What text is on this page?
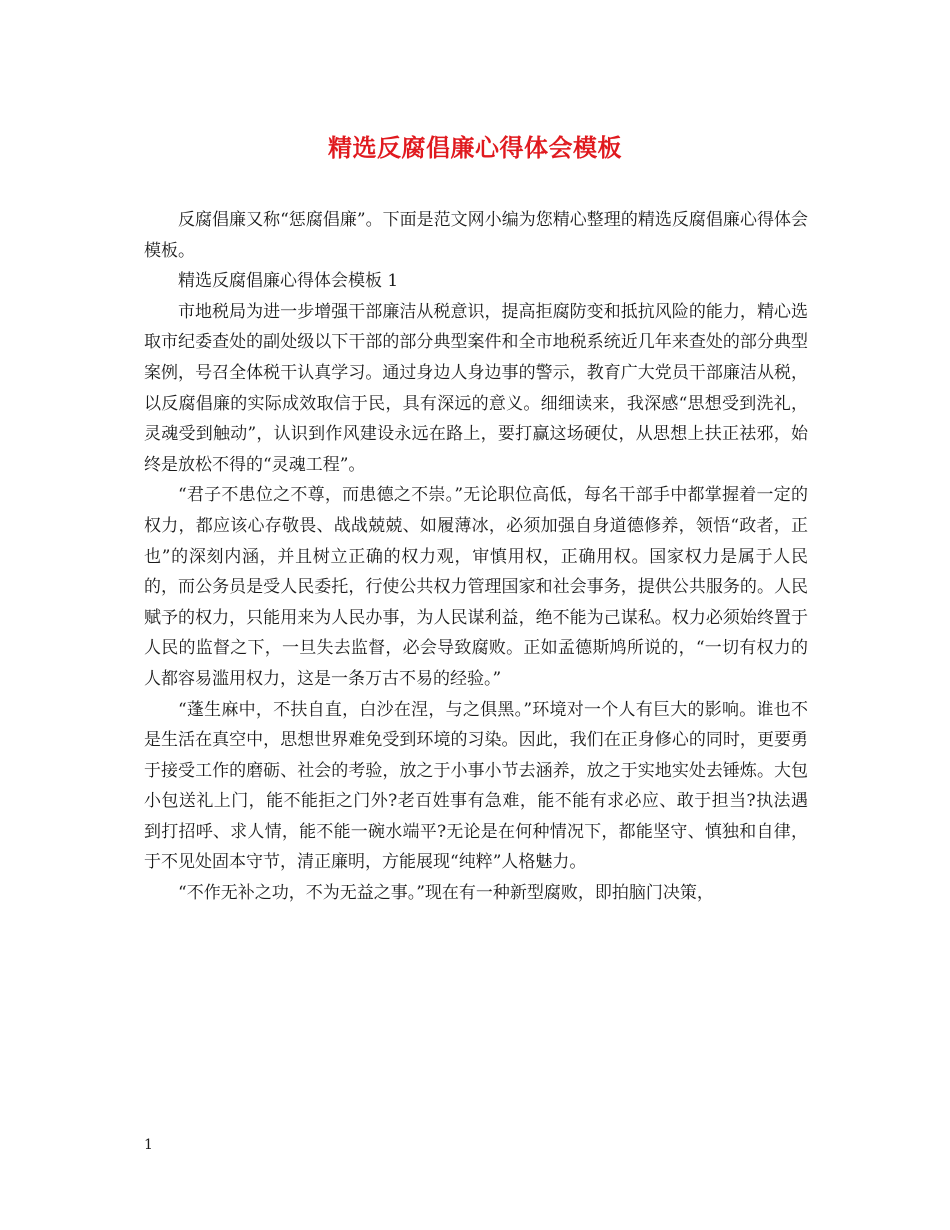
精选反腐倡廉心得体会模板

反腐倡廉又称“惩腐倡廉”。下面是范文网小编为您精心整理的精选反腐倡廉心得体会模板。

精选反腐倡廉心得体会模板 1

市地税局为进一步增强干部廉洁从税意识，提高拒腐防变和抵抗风险的能力，精心选取市纪委查处的副处级以下干部的部分典型案件和全市地税系统近几年来查处的部分典型案例，号召全体税干认真学习。通过身边人身边事的警示，教育广大党员干部廉洁从税，以反腐倡廉的实际成效取信于民，具有深远的意义。细细读来，我深感“思想受到洗礼，灵魂受到触动”，认识到作风建设永远在路上，要打赢这场硬仗，从思想上扶正祛邪，始终是放松不得的“灵魂工程”。

“君子不患位之不尊，而患德之不崇。”无论职位高低，每名干部手中都掌握着一定的权力，都应该心存敬畏、战战兢兢、如履薄冰，必须加强自身道德修养，领悟“政者，正也”的深刻内涵，并且树立正确的权力观，审慎用权，正确用权。国家权力是属于人民的，而公务员是受人民委托，行使公共权力管理国家和社会事务，提供公共服务的。人民赋予的权力，只能用来为人民办事，为人民谋利益，绝不能为己谋私。权力必须始终置于人民的监督之下，一旦失去监督，必会导致腐败。正如孟德斯鸠所说的，“一切有权力的人都容易滥用权力，这是一条万古不易的经验。”

“蓬生麻中，不扶自直，白沙在涅，与之俱黑。”环境对一个人有巨大的影响。谁也不是生活在真空中，思想世界难免受到环境的习染。因此，我们在正身修心的同时，更要勇于接受工作的磨砺、社会的考验，放之于小事小节去涵养，放之于实地实处去锤炼。大包小包送礼上门，能不能拒之门外?老百姓事有急难，能不能有求必应、敢于担当?执法遇到打招呼、求人情，能不能一碗水端平?无论是在何种情况下，都能坚守、慎独和自律，于不见处固本守节，清正廉明，方能展现“纯粹”人格魅力。

“不作无补之功，不为无益之事。”现在有一种新型腐败，即拍脑门决策，

1
